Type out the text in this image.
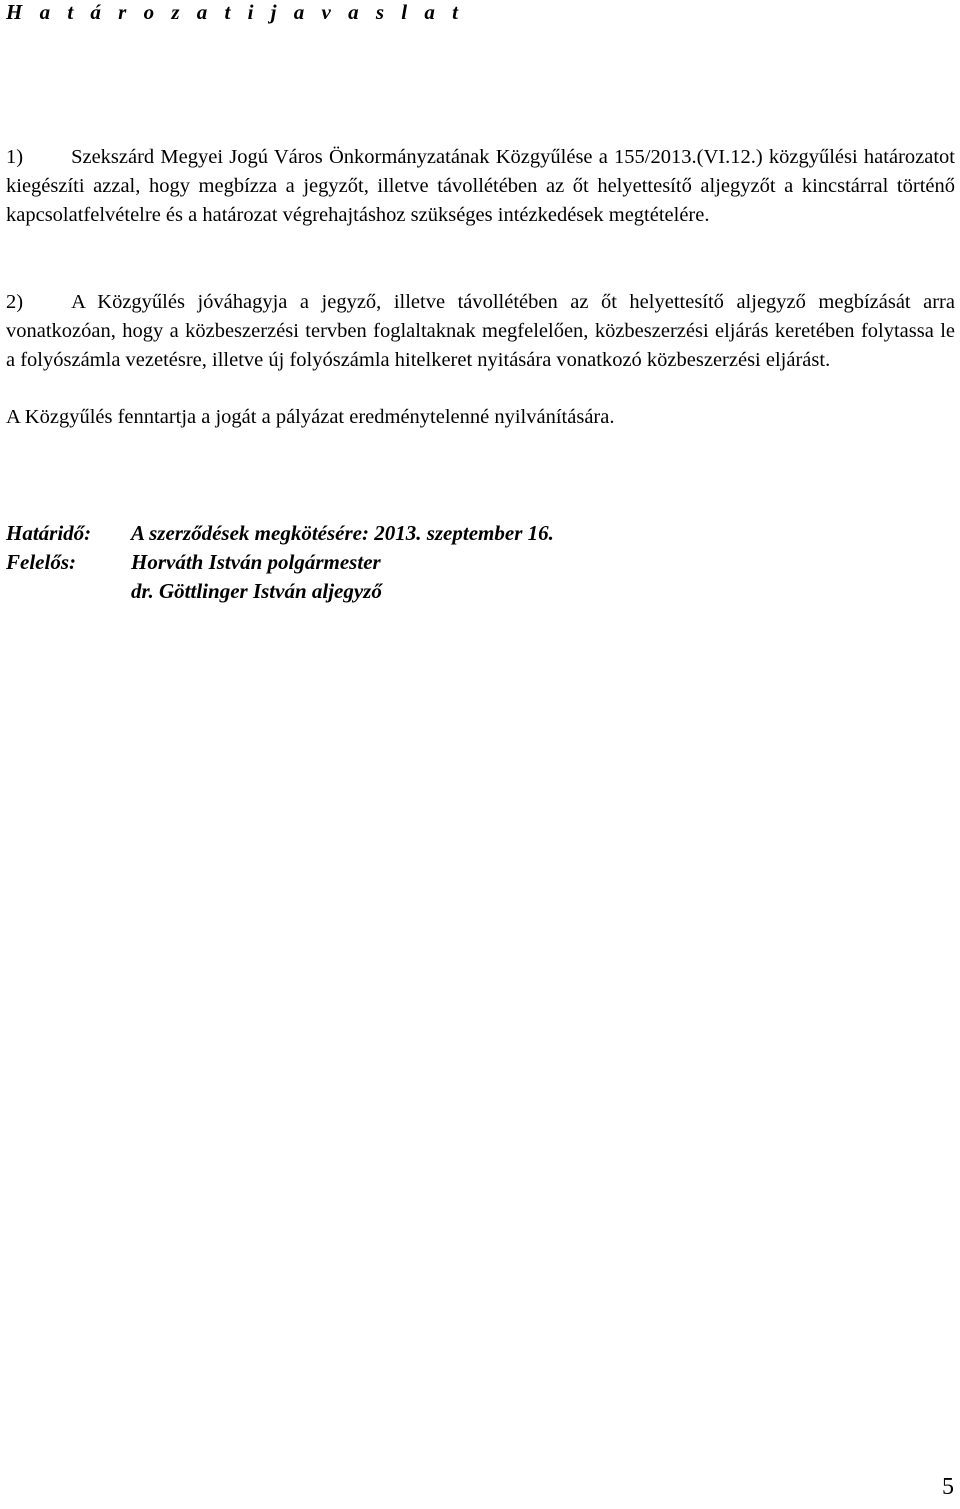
H a t á r o z a t i j a v a s l a t

1) Szekszárd Megyei Jogú Város Önkormányzatának Közgyűlése a 155/2013.(VI.12.) közgyűlési határozatot kiegészíti azzal, hogy megbízza a jegyzőt, illetve távollétében az őt helyettesítő aljegyzőt a kincstárral történő kapcsolatfelvételre és a határozat végrehajtáshoz szükséges intézkedések megtételére.

2) A Közgyűlés jóváhagyja a jegyző, illetve távollétében az őt helyettesítő aljegyző megbízását arra vonatkozóan, hogy a közbeszerzési tervben foglaltaknak megfelelően, közbeszerzési eljárás keretében folytassa le a folyószámla vezetésre, illetve új folyószámla hitelkeret nyitására vonatkozó közbeszerzési eljárást.

A Közgyűlés fenntartja a jogát a pályázat eredménytelenné nyilvánítására.
Határidő:	A szerződések megkötésére: 2013. szeptember 16.
Felelős:	Horváth István polgármester
dr. Göttlinger István aljegyző
5
